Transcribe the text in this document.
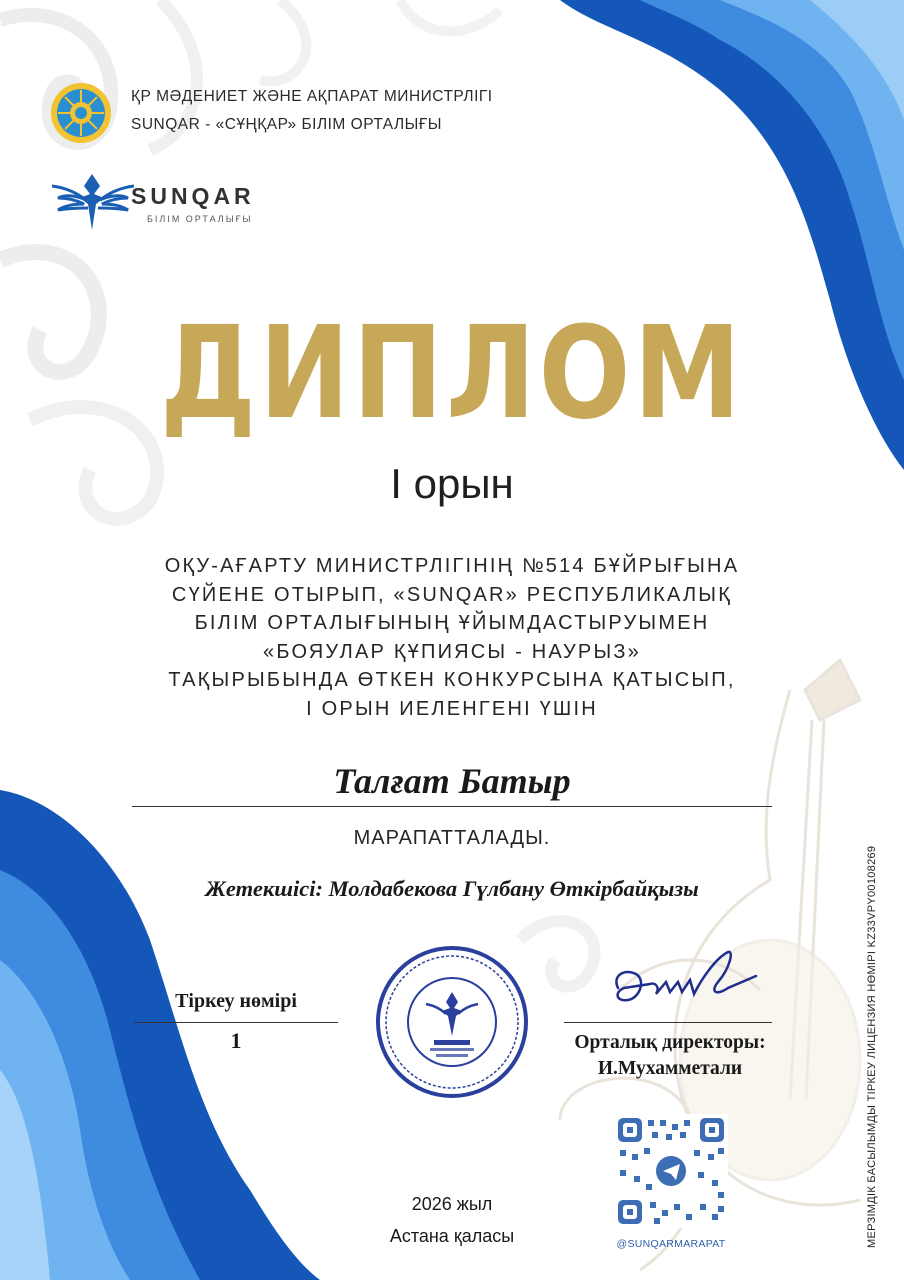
ҚР МӘДЕНИЕТ ЖӘНЕ АҚПАРАТ МИНИСТРЛІГІ
SUNQAR - «СҰҢҚАР» БІЛІМ ОРТАЛЫҒЫ
SUNQAR
БІЛІМ ОРТАЛЫҒЫ
ДИПЛОМ
I орын
ОҚУ-АҒАРТУ МИНИСТРЛІГІНІҢ №514 БҰЙРЫҒЫНА
СҮЙЕНЕ ОТЫРЫП, «SUNQAR» РЕСПУБЛИКАЛЫҚ
БІЛІМ ОРТАЛЫҒЫНЫҢ ҰЙЫМДАСТЫРУЫМЕН
«БОЯУЛАР ҚҰПИЯСЫ - НАУРЫЗ»
ТАҚЫРЫБЫНДА ӨТКЕН КОНКУРСЫНА ҚАТЫСЫП,
I ОРЫН ИЕЛЕНГЕНІ ҮШІН
Талғат Батыр
МАРАПАТТАЛАДЫ.
Жетекшісі: Молдабекова Гүлбану Өткірбайқызы
Тіркеу нөмірі
1	Орталық директоры:
И.Мухамметали
@SUNQARMARAPAT
2026 жыл
Астана қаласы	МЕРЗІМДІК БАСЫЛЫМДЫ ТІРКЕУ ЛИЦЕНЗИЯ НӨМІРІ KZ33VPY00108269
